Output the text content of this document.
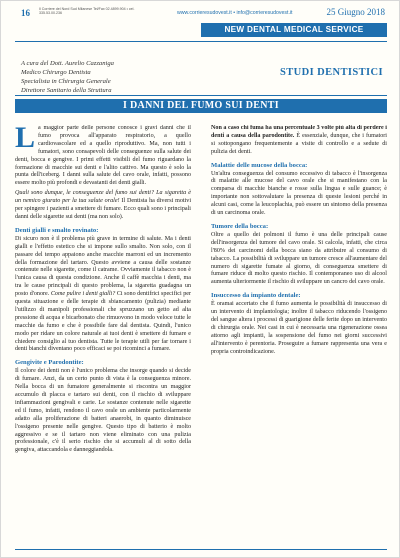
16	Il Corriere del Nord Sud Milanese Tel/Fax 02.4899.904 • cel. 335.53.00.236	www.corrieresudovest.it • info@corrieresudovest.it	25 Giugno 2018
NEW DENTAL MEDICAL SERVICE
A cura del Dott. Aurelio Cazzaniga
Medico Chirurgo Dentista
Specialista in Chirurgia Generale
Direttore Sanitario della Struttura
STUDI DENTISTICI
I DANNI DEL FUMO SUI DENTI

L a maggior parte delle persone conosce i gravi danni che il fumo provoca all'apparato respiratorio, a quello cardiovascolare ed a quello riproduttivo. Ma, non tutti i fumatori, sono consapevoli delle conseguenze sulla salute dei denti, bocca e gengive. I primi effetti visibili del fumo riguardano la formazione di macchie sui denti e l'alito cattivo. Ma questo è solo la punta dell'iceberg. I danni sulla salute del cavo orale, infatti, possono essere molto più profondi e devastanti dei denti gialli.

Quali sono dunque, le conseguenze del fumo sui denti? La sigaretta è un nemico giurato per la tua salute orale! Il Dentista ha diversi motivi per spingere i pazienti a smettere di fumare. Ecco quali sono i principali danni delle sigarette sui denti (ma non solo).

Denti gialli e smalto rovinato:

Di sicuro non è il problema più grave in termine di salute. Ma i denti gialli e l'effetto estetico che si impone sullo smalto. Non solo, con il passare del tempo appaiono anche macchie marroni ed un incremento della formazione del tartaro. Questo avviene a causa delle sostanze contenute nelle sigarette, come il catrame. Ovviamente il tabacco non è l'unica causa di questa condizione. Anche il caffè macchia i denti, ma tra le cause principali di questo problema, la sigaretta guadagna un posto d'onore. Come pulire i denti gialli? Ci sono dentifrici specifici per questa situazione e delle terapie di sbiancamento (pulizia) mediante l'utilizzo di manipoli professionali che spruzzano un getto ad alta pressione di acqua e bicarbonato che rimuovono in modo veloce tutte le macchie da fumo e che è possibile fare dal dentista. Quindi, l'unico modo per ridare un colore naturale ai tuoi denti è smettere di fumare e chiedere consiglio al tuo dentista. Tutte le terapie utili per far tornare i denti bianchi diventano poco efficaci se poi ricominci a fumare.

Gengivite e Parodontite:

Il colore dei denti non è l'unico problema che insorge quando si decide di fumare. Anzi, da un certo punto di vista è la conseguenza minore. Nella bocca di un fumatore generalmente si riscontra un maggior accumulo di placca e tartaro sui denti, con il rischio di sviluppare infiammazioni gengivali e carie. Le sostanze contenute nelle sigarette ed il fumo, infatti, rendono il cavo orale un ambiente particolarmente adatto alla proliferazione di batteri anaerobi, in quanto diminuisce l'ossigeno presente nelle gengive. Questo tipo di batterio è molto aggressivo e se il tartaro non viene eliminato con una pulizia professionale, c'è il serio rischio che si accumuli al di sotto della gengiva, attaccandola e danneggiandola.

Non a caso chi fuma ha una percentuale 3 volte più alta di perdere i denti a causa della parodontite. È essenziale, dunque, che i fumatori si sottopongano frequentemente a visite di controllo e a sedute di pulizia dei denti.

Malattie delle mucose della bocca:

Un'altra conseguenza del consumo eccessivo di tabacco è l'insorgenza di malattie alle mucose del cavo orale che si manifestano con la comparsa di macchie bianche e rosse sulla lingua e sulle guance; è importante non sottovalutare la presenza di queste lesioni perché in alcuni casi, come la leucoplachia, può essere un sintomo della presenza di un carcinoma orale.

Tumore della bocca:

Oltre a quello dei polmoni il fumo è una delle principali cause dell'insorgenza del tumore del cavo orale. Si calcola, infatti, che circa l'80% dei carcinomi della bocca siano da attribuire al consumo di tabacco. La possibilità di sviluppare un tumore cresce all'aumentare del numero di sigarette fumate al giorno, di conseguenza smettere di fumare riduce di molto questo rischio. Il contemporaneo uso di alcool aumenta ulteriormente il rischio di sviluppare un cancro del cavo orale.

Insuccesso da impianto dentale:

È oramai accertato che il fumo aumenta le possibilità di insuccesso di un intervento di implantologia; inoltre il tabacco riducendo l'ossigeno del sangue altera i processi di guarigione delle ferite dopo un intervento di chirurgia orale. Nei casi in cui è necessaria una rigenerazione ossea attorno agli impianti, la sospensione del fumo nei giorni successivi all'intervento è perentoria. Proseguire a fumare rappresenta una vera e propria controindicazione.
